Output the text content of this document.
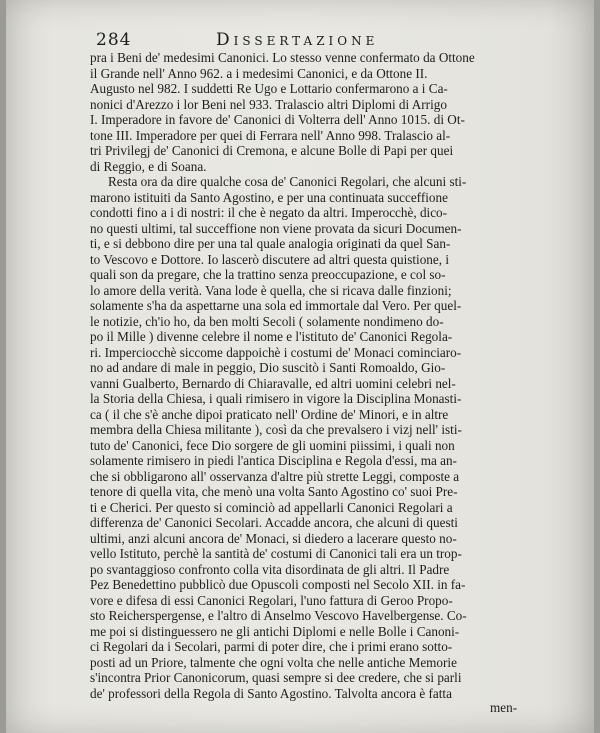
284	Dissertazione
pra i Beni de' medesimi Canonici. Lo stesso venne confermato da Ottone
il Grande nell' Anno 962. a i medesimi Canonici, e da Ottone II.
Augusto nel 982. I suddetti Re Ugo e Lottario confermarono a i Ca-
nonici d'Arezzo i lor Beni nel 933. Tralascio altri Diplomi di Arrigo
I. Imperadore in favore de' Canonici di Volterra dell' Anno 1015. di Ot-
tone III. Imperadore per quei di Ferrara nell' Anno 998. Tralascio al-
tri Privilegj de' Canonici di Cremona, e alcune Bolle di Papi per quei
di Reggio, e di Soana.
Resta ora da dire qualche cosa de' Canonici Regolari, che alcuni sti-
marono istituiti da Santo Agostino, e per una continuata succeffione
condotti fino a i di nostri: il che è negato da altri. Imperocchè, dico-
no questi ultimi, tal succeffione non viene provata da sicuri Documen-
ti, e si debbono dire per una tal quale analogia originati da quel San-
to Vescovo e Dottore. Io lascerò discutere ad altri questa quistione, i
quali son da pregare, che la trattino senza preoccupazione, e col so-
lo amore della verità. Vana lode è quella, che si ricava dalle finzioni;
solamente s'ha da aspettarne una sola ed immortale dal Vero. Per quel-
le notizie, ch'io ho, da ben molti Secoli ( solamente nondimeno do-
po il Mille ) divenne celebre il nome e l'istituto de' Canonici Regola-
ri. Imperciocchè siccome dappoichè i costumi de' Monaci cominciaro-
no ad andare di male in peggio, Dio suscitò i Santi Romoaldo, Gio-
vanni Gualberto, Bernardo di Chiaravalle, ed altri uomini celebri nel-
la Storia della Chiesa, i quali rimisero in vigore la Disciplina Monasti-
ca ( il che s'è anche dipoi praticato nell' Ordine de' Minori, e in altre
membra della Chiesa militante ), così da che prevalsero i vizj nell' isti-
tuto de' Canonici, fece Dio sorgere de gli uomini piissimi, i quali non
solamente rimisero in piedi l'antica Disciplina e Regola d'essi, ma an-
che si obbligarono all' osservanza d'altre più strette Leggi, composte a
tenore di quella vita, che menò una volta Santo Agostino co' suoi Pre-
ti e Cherici. Per questo si cominciò ad appellarli Canonici Regolari a
differenza de' Canonici Secolari. Accadde ancora, che alcuni di questi
ultimi, anzi alcuni ancora de' Monaci, si diedero a lacerare questo no-
vello Istituto, perchè la santità de' costumi di Canonici tali era un trop-
po svantaggioso confronto colla vita disordinata de gli altri. Il Padre
Pez Benedettino pubblicò due Opuscoli composti nel Secolo XII. in fa-
vore e difesa di essi Canonici Regolari, l'uno fattura di Geroo Propo-
sto Reicherspergense, e l'altro di Anselmo Vescovo Havelbergense. Co-
me poi si distinguessero ne gli antichi Diplomi e nelle Bolle i Canoni-
ci Regolari da i Secolari, parmi di poter dire, che i primi erano sotto-
posti ad un Priore, talmente che ogni volta che nelle antiche Memorie
s'incontra Prior Canonicorum, quasi sempre si dee credere, che si parli
de' professori della Regola di Santo Agostino. Talvolta ancora è fatta
men-
